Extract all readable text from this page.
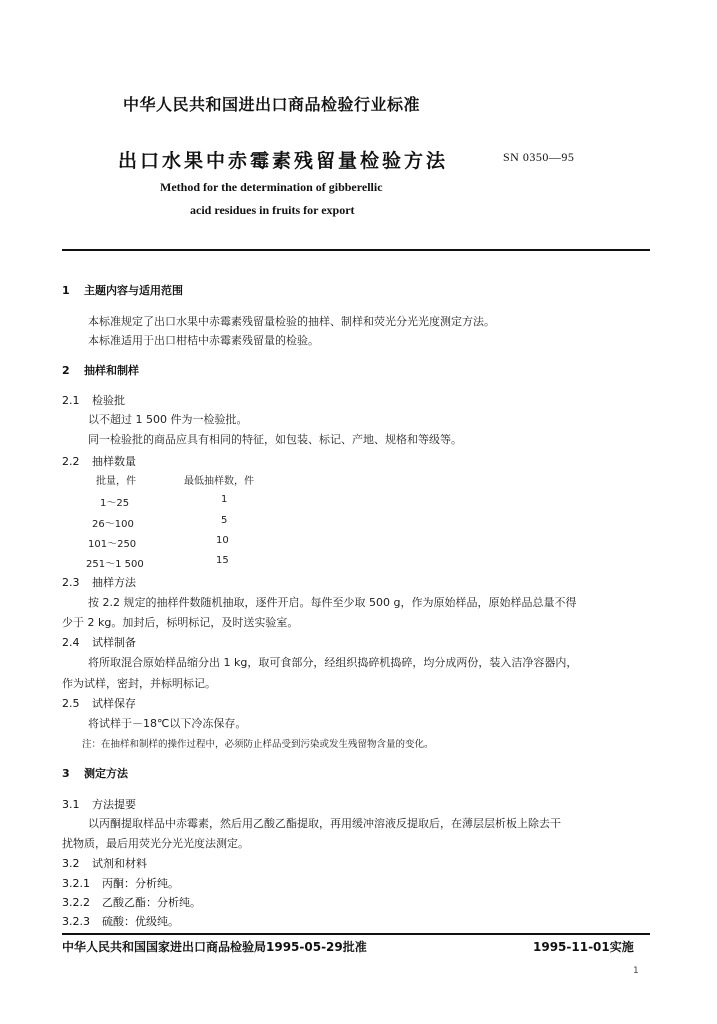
中华人民共和国进出口商品检验行业标准
出口水果中赤霉素残留量检验方法	SN 0350—95
Method for the determination of gibberellic
acid residues in fruits for export
1 主题内容与适用范围
本标准规定了出口水果中赤霉素残留量检验的抽样、制样和荧光分光光度测定方法。
本标准适用于出口柑桔中赤霉素残留量的检验。
2 抽样和制样
2.1 检验批
以不超过 1 500 件为一检验批。
同一检验批的商品应具有相同的特征，如包装、标记、产地、规格和等级等。
2.2 抽样数量
批量，件	最低抽样数，件
1～25	1
26～100	5
101～250	10
251～1 500	15
2.3 抽样方法
按 2.2 规定的抽样件数随机抽取，逐件开启。每件至少取 500 g，作为原始样品，原始样品总量不得
少于 2 kg。加封后，标明标记，及时送实验室。
2.4 试样制备
将所取混合原始样品缩分出 1 kg，取可食部分，经组织捣碎机捣碎，均分成两份，装入洁净容器内，
作为试样，密封，并标明标记。
2.5 试样保存
将试样于－18℃以下冷冻保存。
注：在抽样和制样的操作过程中，必须防止样品受到污染或发生残留物含量的变化。
3 测定方法
3.1 方法提要
以丙酮提取样品中赤霉素，然后用乙酸乙酯提取，再用缓冲溶液反提取后，在薄层层析板上除去干
扰物质，最后用荧光分光光度法测定。
3.2 试剂和材料
3.2.1 丙酮：分析纯。
3.2.2 乙酸乙酯：分析纯。
3.2.3 硫酸：优级纯。
中华人民共和国国家进出口商品检验局1995-05-29批准	1995-11-01实施
1
